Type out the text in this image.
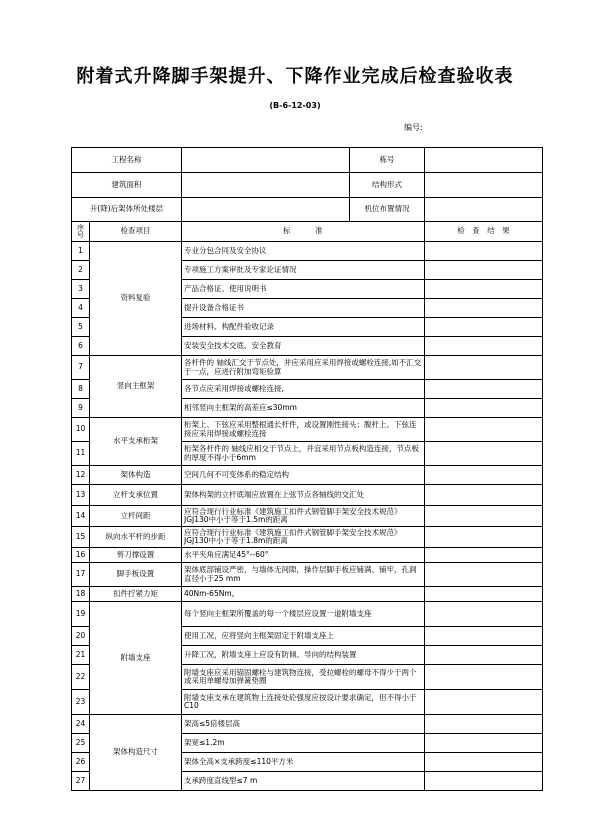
附着式升降脚手架提升、下降作业完成后检查验收表
(B-6-12-03)
编号:
工程名称			栋号	
建筑面积			结构形式	
升(降)后架体所处楼层			机位布置情况	
序号	检查项目	标　　　准		检　查　结　果
1	资料复验	专业分包合同及安全协议		
2		专项施工方案审批及专家论证情况		
3		产品合格证、使用说明书		
4		提升设备合格证书		
5		进场材料、构配件验收记录		
6		安装安全技术交底、安全教育		
7	竖向主框架	各杆件的 轴线汇交于节点处，并应采用应采用焊接或螺栓连接,如不汇交于一点，应进行附加弯矩验算		

8		各节点应采用焊接或螺栓连接,		
9		相邻竖向主框架的高差应≤30mm		
10	水平支承桁架	桁架上、下弦应采用整根通长杆件，或设置刚性接头；腹杆上、下弦连接应采用焊接或螺栓连接		

11		桁架各杆件的 轴线应相交于节点上，并宜采用节点板构造连接，节点板的厚度不得小于6mm		

12	架体构造	空间几何不可变体系的稳定结构		
13	立杆支承位置	架体构架的立杆底端应放置在上弦节点各轴线的交汇处		

14	立杆间距	应符合现行行业标准《建筑施工扣件式钢管脚手架安全技术规范》JGJ130中小于等于1.5m的距离		

15	纵向水平杆的步距	应符合现行行业标准《建筑施工扣件式钢管脚手架安全技术规范》JGJ130中小于等于1.8m的距离		

16	剪刀撑设置	水平夹角应满足45°--60°		
17	脚手板设置	架体底部铺设严密，与墙体无间隙，操作层脚手板应铺满、铺牢，孔洞直径小于25 mm		

18	扣件拧紧力矩	40Nm-65Nm。		
19	附墙支座	每个竖向主框架所覆盖的每一个楼层应设置一道附墙支座		

20		使用工况，应将竖向主框架固定于附墙支座上		
21		升降工况，附墙支座上应设有防倾、导向的结构装置		
22		附墙支座应采用锚固螺栓与建筑物连接，受拉螺栓的螺母不得少于两个或采用单螺母加弹簧垫圈		

23		附墙支座支承在建筑物上连接处砼强度应按设计要求确定，但不得小于C10		

24	架体构造尺寸	架高≤5倍楼层高		
25		架宽≤1.2m		
26		架体全高×支承跨度≤110平方米		
27		支承跨度直线型≤7 m		
